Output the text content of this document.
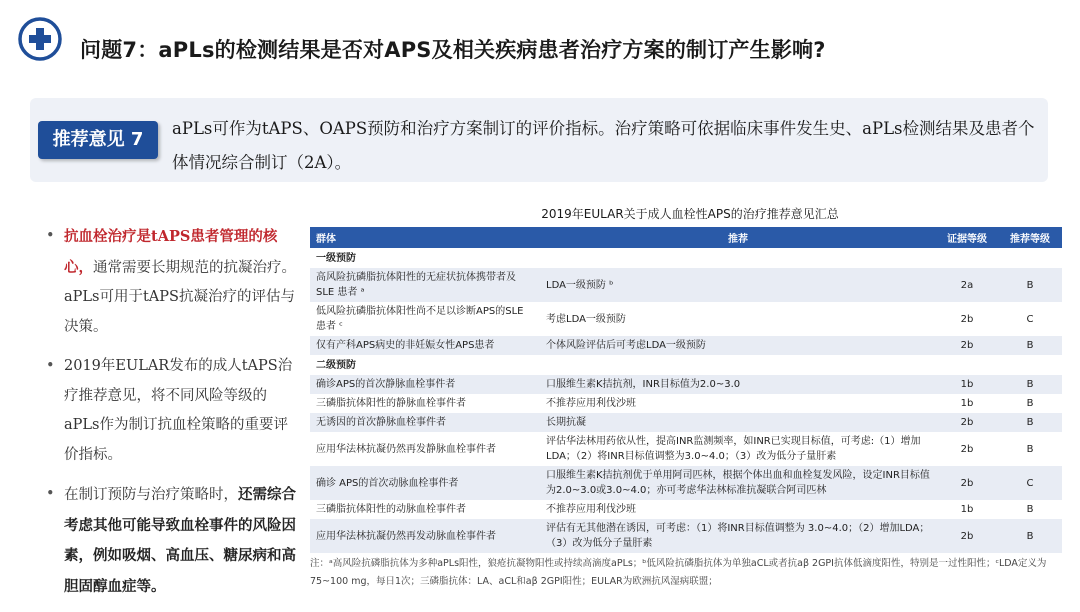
问题7：aPLs的检测结果是否对APS及相关疾病患者治疗方案的制订产生影响?
推荐意见 7
aPLs可作为tAPS、OAPS预防和治疗方案制订的评价指标。治疗策略可依据临床事件发生史、aPLs检测结果及患者个体情况综合制订（2A）。
• 抗血栓治疗是tAPS患者管理的核心，通常需要长期规范的抗凝治疗。aPLs可用于tAPS抗凝治疗的评估与决策。
• 2019年EULAR发布的成人tAPS治疗推荐意见，将不同风险等级的aPLs作为制订抗血栓策略的重要评价指标。
• 在制订预防与治疗策略时，还需综合考虑其他可能导致血栓事件的风险因素，例如吸烟、高血压、糖尿病和高胆固醇血症等。
2019年EULAR关于成人血栓性APS的治疗推荐意见汇总
群体	推荐	证据等级	推荐等级
一级预防			
高风险抗磷脂抗体阳性的无症状抗体携带者及 SLE 患者 ᵃ	LDA一级预防 ᵇ	2a	B
低风险抗磷脂抗体阳性尚不足以诊断APS的SLE 患者 ᶜ	考虑LDA一级预防	2b	C
仅有产科APS病史的非妊娠女性APS患者	个体风险评估后可考虑LDA一级预防	2b	B
二级预防			
确诊APS的首次静脉血栓事件者	口服维生素K拮抗剂，INR目标值为2.0~3.0	1b	B
三磷脂抗体阳性的静脉血栓事件者	不推荐应用利伐沙班	1b	B
无诱因的首次静脉血栓事件者	长期抗凝	2b	B
应用华法林抗凝仍然再发静脉血栓事件者	评估华法林用药依从性，提高INR监测频率，如INR已实现目标值，可考虑:（1）增加LDA；（2）将INR目标值调整为3.0~4.0；（3）改为低分子量肝素	2b	B
确诊 APS的首次动脉血栓事件者	口服维生素K拮抗剂优于单用阿司匹林，根据个体出血和血栓复发风险，设定INR目标值为2.0~3.0或3.0~4.0；亦可考虑华法林标准抗凝联合阿司匹林	2b	C
三磷脂抗体阳性的动脉血栓事件者	不推荐应用利伐沙班	1b	B
应用华法林抗凝仍然再发动脉血栓事件者	评估有无其他潜在诱因，可考虑：（1）将INR目标值调整为 3.0~4.0；（2）增加LDA；（3）改为低分子量肝素	2b	B
注：ᵃ高风险抗磷脂抗体为多种aPLs阳性，狼疮抗凝物阳性或持续高滴度aPLs；ᵇ低风险抗磷脂抗体为单独aCL或者抗aβ 2GPI抗体低滴度阳性，特别是一过性阳性；ᶜLDA定义为75~100 mg，每日1次；三磷脂抗体：LA、aCL和aβ 2GPI阳性；EULAR为欧洲抗风湿病联盟；
